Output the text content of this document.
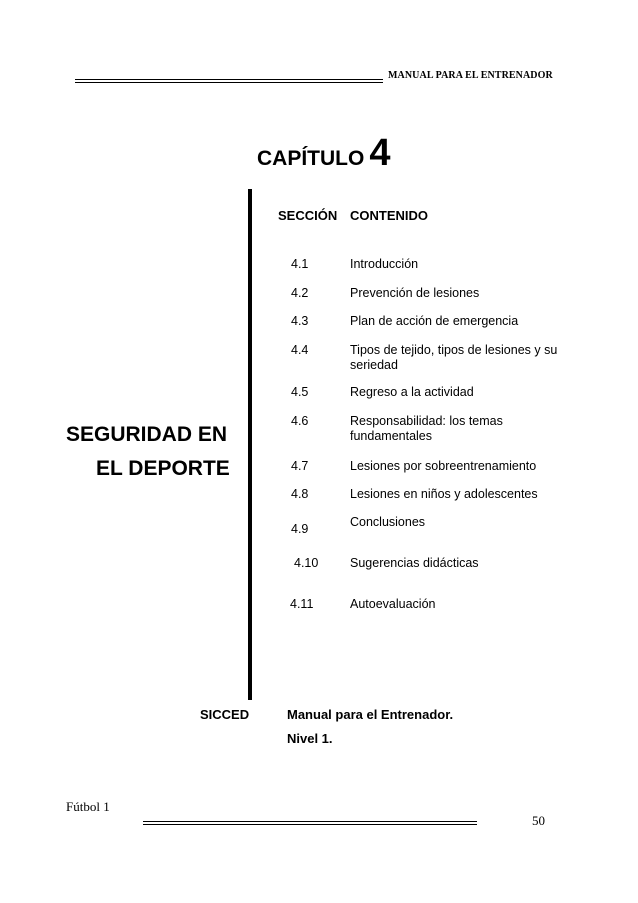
MANUAL PARA EL ENTRENADOR
CAPÍTULO 4
SEGURIDAD EN
EL DEPORTE
SECCIÓN CONTENIDO
4.1	Introducción
4.2	Prevención de lesiones
4.3	Plan de acción de emergencia
4.4	Tipos de tejido, tipos de lesiones y su seriedad
4.5	Regreso a la actividad
4.6	Responsabilidad: los temas fundamentales
4.7	Lesiones por sobreentrenamiento
4.8	Lesiones en niños y adolescentes
4.9	Conclusiones
4.10	Sugerencias didácticas
4.11	Autoevaluación
SICCED	Manual para el Entrenador.
Nivel 1.
Fútbol 1
50
